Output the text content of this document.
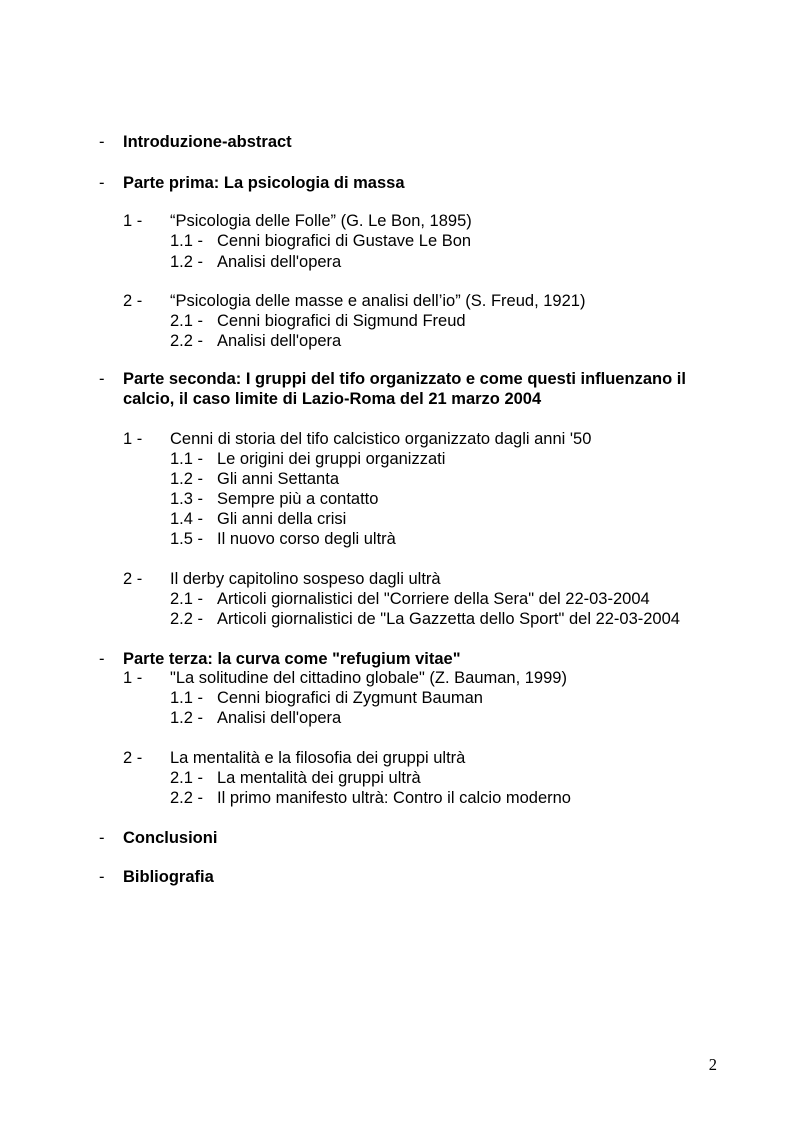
- Introduzione-abstract
- Parte prima: La psicologia di massa
1 - “Psicologia delle Folle” (G. Le Bon, 1895)
1.1 - Cenni biografici di Gustave Le Bon
1.2 - Analisi dell'opera
2 - “Psicologia delle masse e analisi dell’io” (S. Freud, 1921)
2.1 - Cenni biografici di Sigmund Freud
2.2 - Analisi dell'opera
- Parte seconda: I gruppi del tifo organizzato e come questi influenzano il
calcio, il caso limite di Lazio-Roma del 21 marzo 2004
1 - Cenni di storia del tifo calcistico organizzato dagli anni '50
1.1 - Le origini dei gruppi organizzati
1.2 - Gli anni Settanta
1.3 - Sempre più a contatto
1.4 - Gli anni della crisi
1.5 - Il nuovo corso degli ultrà
2 - Il derby capitolino sospeso dagli ultrà
2.1 - Articoli giornalistici del "Corriere della Sera" del 22-03-2004
2.2 - Articoli giornalistici de "La Gazzetta dello Sport" del 22-03-2004
- Parte terza: la curva come "refugium vitae"
1 - "La solitudine del cittadino globale" (Z. Bauman, 1999)
1.1 - Cenni biografici di Zygmunt Bauman
1.2 - Analisi dell'opera
2 - La mentalità e la filosofia dei gruppi ultrà
2.1 - La mentalità dei gruppi ultrà
2.2 - Il primo manifesto ultrà: Contro il calcio moderno
- Conclusioni
- Bibliografia
2
